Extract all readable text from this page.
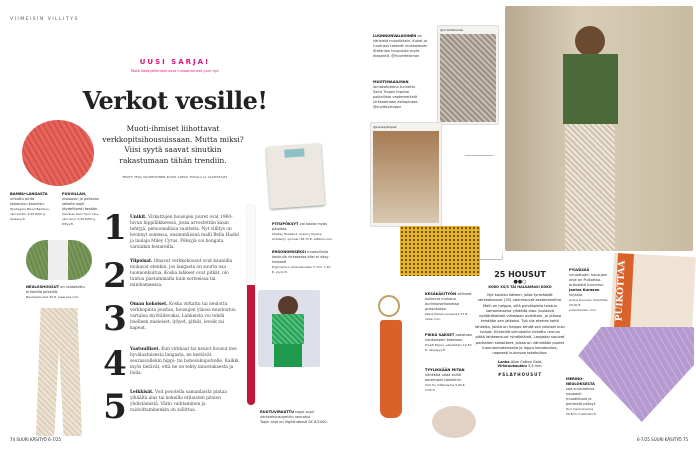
VIIMEISIN VILLITYS
UUSI SARJA!
Tästä käsityöihmiset ovat hullaantuneet juuri nyt.
Verkot vesille!
Muoti-ihmiset liihottavat verkkopitsihousuissaan. Mutta miksi? Viisi syytä saavat sinutkin rakastumaan tähän trendiin.
TEKSTI TEIJA KOLEHMAINEN KUVAT ALEKSI TIKKALA JA VALMISTAJAT
BAMBU-LANGASTA virkattu pinta laskeutuu kauniisti.
Hjertegarn Blend Bamboo, väri koralli, 6,20 €/50 g, lankava.fi.
PUUVILLAN, viskoosin ja pellavan sekoite sopii täydellisesti kesään.
Sandnes Garn Tynn Line, väri oliivi, 5,59 €/50 g, tilltyy.fi.
NEULOSHOUSUT on raidoitettu erilaisilla pitseillä.
Neulosahousut 40 €, reserved.com.
74 SUURI KÄSITYÖ 6-7/25
1 Unikit. Virkattujen housujen juuret ovat 1960-luvun hippiliikkeessä, jossa arvostettiin käsin tehtyjä, persoonallisia vaatteita. Nyt villitys on levinnyt somessa, ensimmäisinä malli Bella Hadid ja laulaja Miley Cyrus. Pöksyjä voi bongata varsinkin festareilla.
2 Ylipoisat. Ilmavat verkkohousut ovat kauniilla mukavat etenkin, jos langasta on suurin osa luonnonkuitua. Koska lahkeet ovat pitkät, olo tuntuu paetummalta kuin sortseissa tai minihameessa.
3 Oman kokoiset. Koska virkattu tai neulottu verkkopinta joustaa, housujen yläosa muotoutuu vartaloa myötäilevaksi. Lahkeista voi tehdä itselleen mieleiset: lyhyet, pitkät, leveät tai kapeat.
4 Vastuulliset. Kun virkkaat tai neulot housut itse hyvälaatuisesta langasta, ne kestävät seuraavallekin hippi- tai bohosukupolvelle. Kaikki myös tietävät, että ne on tehty innostuksesta ja ilolla.
5 Leikkisät. Voit posotella samanlaista pintaa ylhäältä alas tai kokeilla erilaisten pitsien yhdistämistä. Värin vaihtaminen ja raidoittaminenkin on sallittua.
PITSIPÖKSYT voi koota myös paloista.
Shelley Husband: Granny Square Academy -ponnari 38,70 €, adlibris.com.
ERGONOMISEKSI muotoillulla koukulla virkatessa käsi ei väsy helposti.
Ergonomics virkkuukoukku 5 mm, 7,20 €, prym.fi.
RUUTUVIRKATTU toppi sopii verkkohousujenkin seuraksi.
Topin ohje on illgilehdessä SK 8/2000.
LUONNONVALKOINEN on värisistä muodikkain. Kukat ja ruudutus tekevät ranskalaisen Stefanian housuista myös elegantit. @ricomfelsman
MUOTIMAAILMAN lomakohteena tunnettu Saint Tropez inspiroi paikallista vaatemerkkiä virkkaamaan asitopintaa. @sundaytropez
@ricomfelsman
@sundaytropez
KESÄKÄSITYÖN välineet kulkevat mukana aurinkoiseltaisessa pussukassa.
Marie Marien pussukka 37 €, radis.com.
PIKKU SAKSET pakataan nahkaiseen koteloon.
Prosdi Espoo -sakskotelo 12,50 €, niinjapyy.fi.
TYYLIKKÄÄN MITAN nähkeää oltaa esille parempiin taloleihin.
Schl Pu mittanauha 9,90 €, holtr.fi.
25 HOUSUT
●●○
KOKO XS/S TAI HALUAMASI KOKO
Nyt koukku käteen, jotta tyrmäävät verkkohousut (25) valmistuvat kesämenoihin. Malli on helppo, sillä pylväspinta toistuu samanlaisena ylhäältä alas. Joustava vyötärökaitale virkataan poikittain, ja yläosa tehdään sen jatkoksi. Työ siis etenee kohti lahkeita, joista on helppo tehdä sen pituiset kuin haluat. Kiinteillä silmukoilla virkattu reunus pitää lahkeensuut ryhdikkäinä. Langaksi sopivat parhaiten sekoitteet, joissa on vähintään puolet luonnonmateriaalia ja loppu keinokuitua, nopeasti kuivuvaa tekokuitua.
Lanka Alize Cotton Gold.
Virkkuukoukku 3,5 mm.
#SLAYHOUSUT
PYLVÄSSÄ neulottujen housujen ohje on Puikottaa-brändistä tunnetun Janina Kurosen kirjasta.
Janina Kuronen: Puikottaa 29,90 €, suomalainen.com.	PUIKOTTAA
MERINO-NEULOKSESTA saa surautettua nopeasti muodikkaat ja pehmeät pöksyt.
Tuvi merinoneulos 56 €/m, tuvitmaki.fi.
6-7/25 SUURI KÄSITYÖ 75
